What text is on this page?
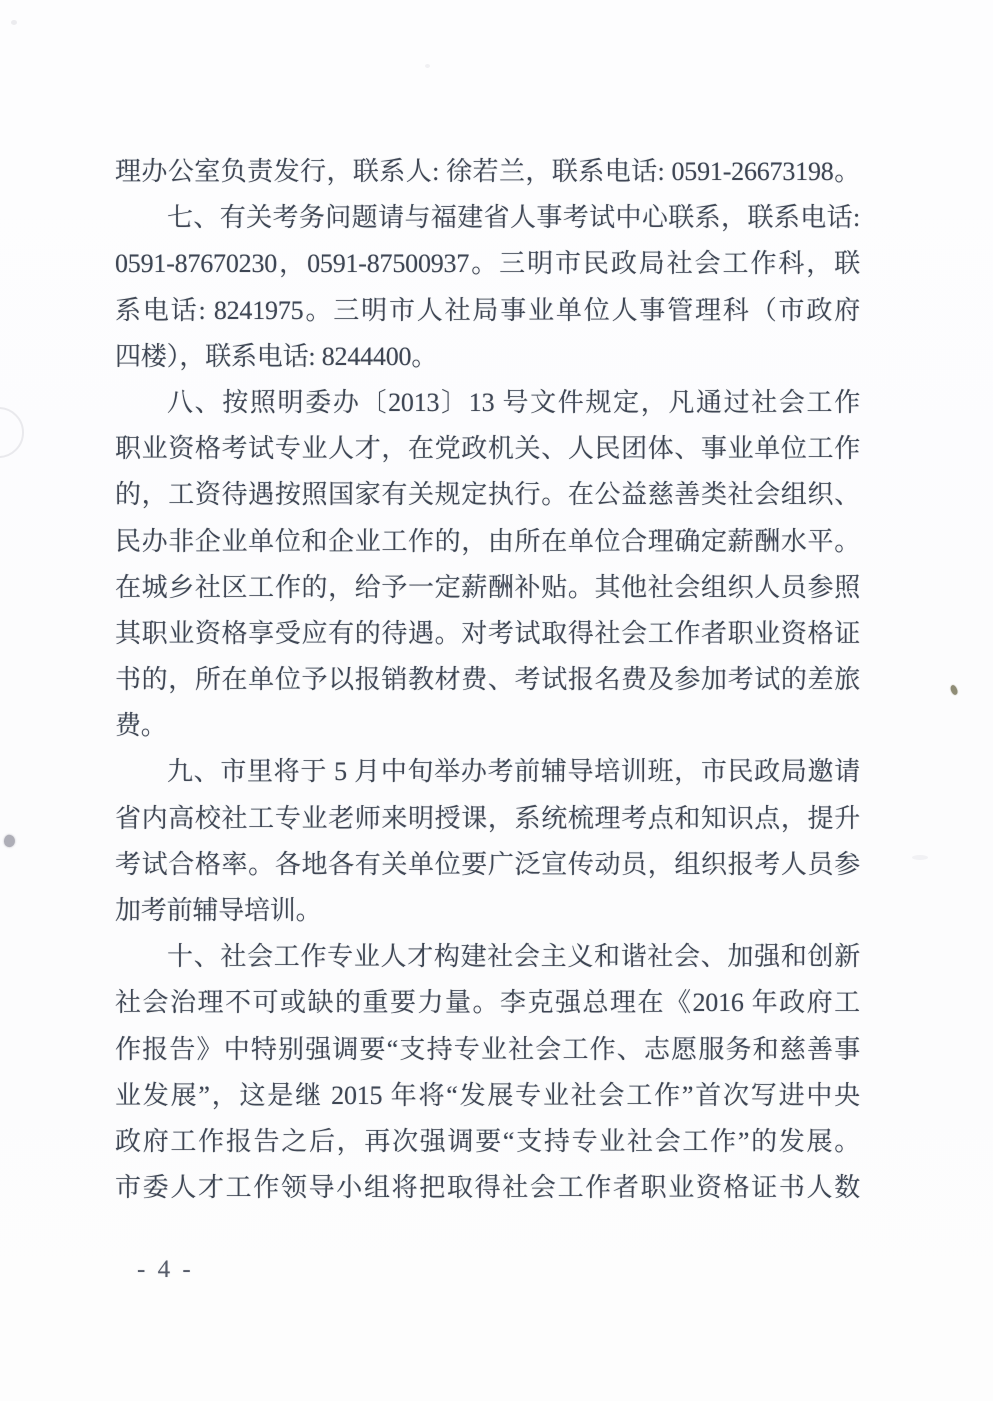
理办公室负责发行，联系人: 徐若兰，联系电话: 0591-26673198。
七、有关考务问题请与福建省人事考试中心联系，联系电话:
0591-87670230，0591-87500937。三明市民政局社会工作科，联
系电话: 8241975。三明市人社局事业单位人事管理科（市政府
四楼），联系电话: 8244400。
八、按照明委办〔2013〕13 号文件规定，凡通过社会工作
职业资格考试专业人才，在党政机关、人民团体、事业单位工作
的，工资待遇按照国家有关规定执行。在公益慈善类社会组织、
民办非企业单位和企业工作的，由所在单位合理确定薪酬水平。
在城乡社区工作的，给予一定薪酬补贴。其他社会组织人员参照
其职业资格享受应有的待遇。对考试取得社会工作者职业资格证
书的，所在单位予以报销教材费、考试报名费及参加考试的差旅
费。
九、市里将于 5 月中旬举办考前辅导培训班，市民政局邀请
省内高校社工专业老师来明授课，系统梳理考点和知识点，提升
考试合格率。各地各有关单位要广泛宣传动员，组织报考人员参
加考前辅导培训。
十、社会工作专业人才构建社会主义和谐社会、加强和创新
社会治理不可或缺的重要力量。李克强总理在《2016 年政府工
作报告》中特别强调要“支持专业社会工作、志愿服务和慈善事
业发展”，这是继 2015 年将“发展专业社会工作”首次写进中央
政府工作报告之后，再次强调要“支持专业社会工作”的发展。
市委人才工作领导小组将把取得社会工作者职业资格证书人数
- 4 -
